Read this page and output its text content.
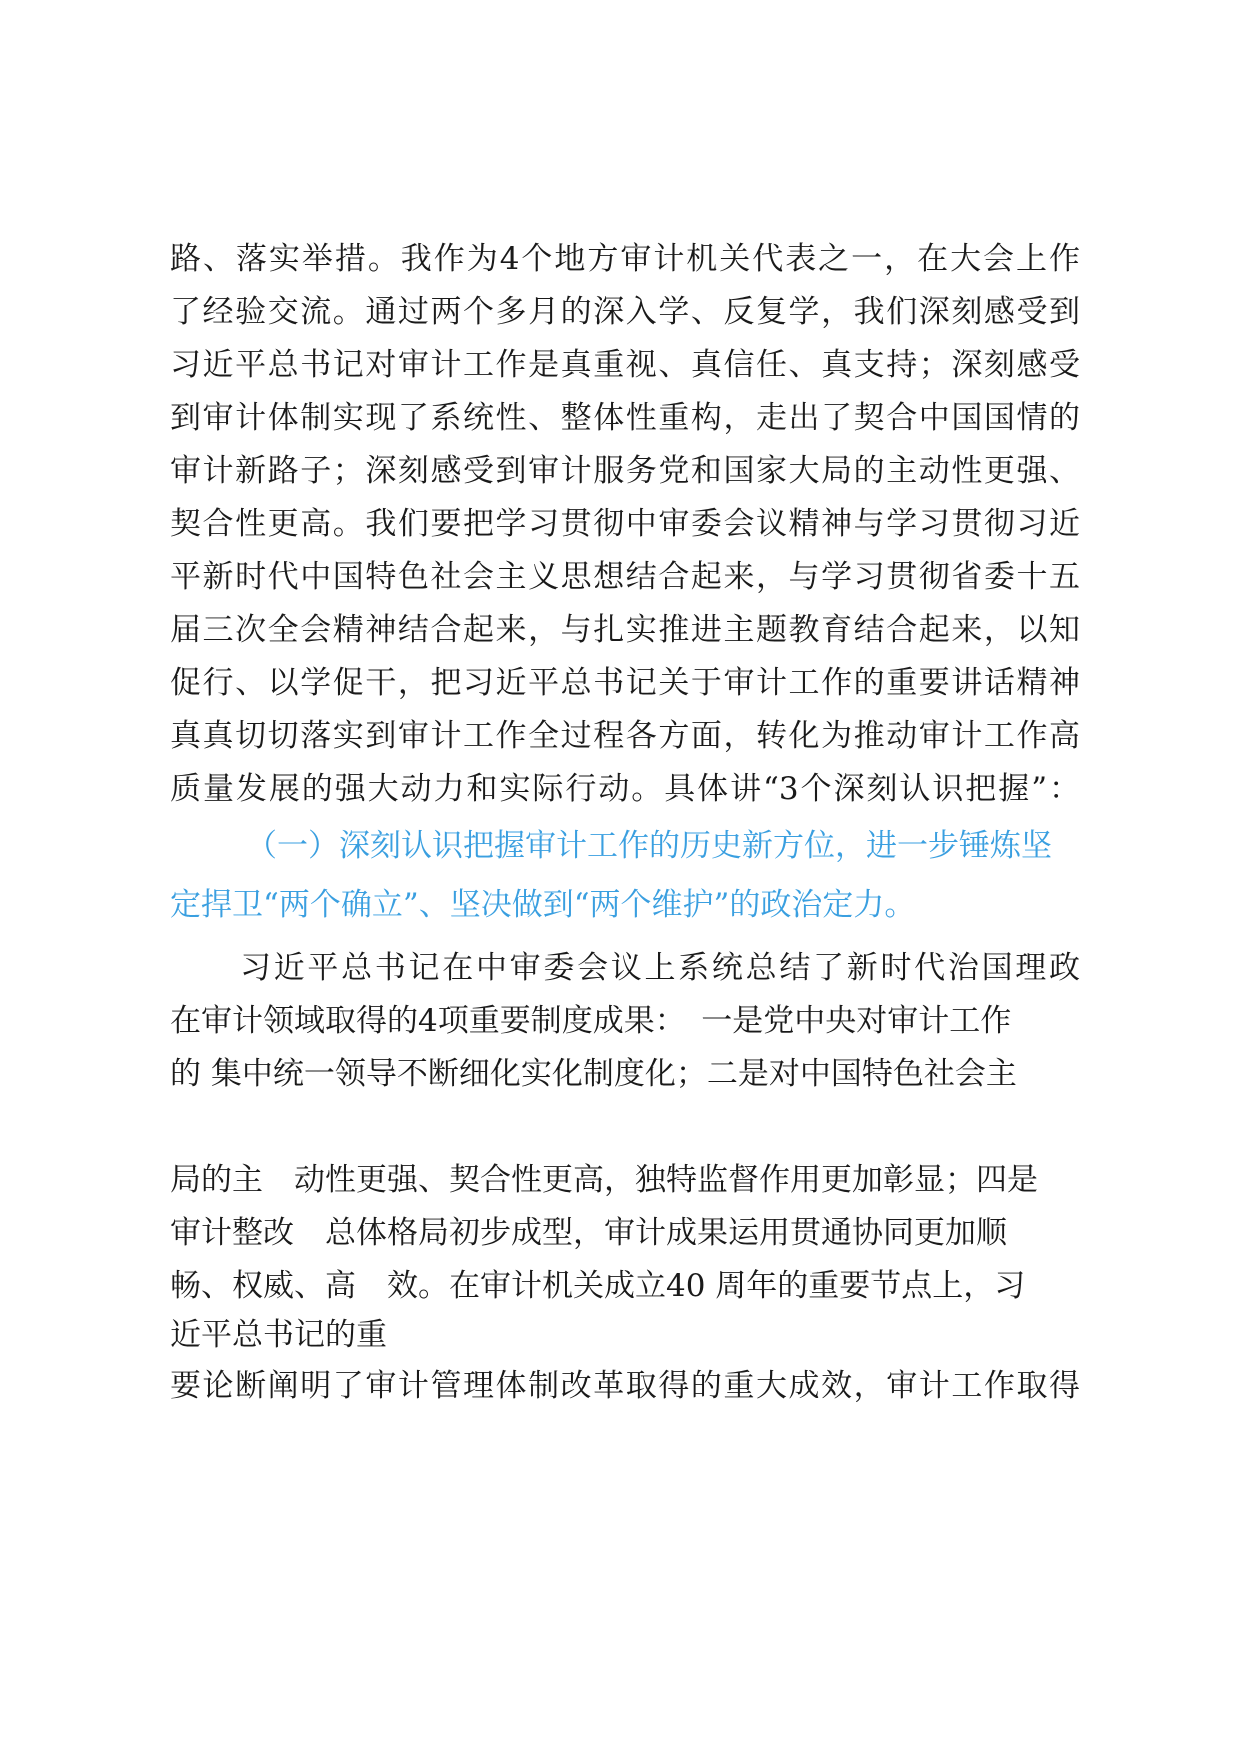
路、落实举措。我作为4个地方审计机关代表之一，在大会上作
了经验交流。通过两个多月的深入学、反复学，我们深刻感受到
习近平总书记对审计工作是真重视、真信任、真支持；深刻感受
到审计体制实现了系统性、整体性重构，走出了契合中国国情的
审计新路子；深刻感受到审计服务党和国家大局的主动性更强、
契合性更高。我们要把学习贯彻中审委会议精神与学习贯彻习近
平新时代中国特色社会主义思想结合起来，与学习贯彻省委十五
届三次全会精神结合起来，与扎实推进主题教育结合起来，以知
促行、以学促干，把习近平总书记关于审计工作的重要讲话精神
真真切切落实到审计工作全过程各方面，转化为推动审计工作高
质量发展的强大动力和实际行动。具体讲“3个深刻认识把握”：
（一）深刻认识把握审计工作的历史新方位，进一步锤炼坚
定捍卫“两个确立”、坚决做到“两个维护”的政治定力。
习近平总书记在中审委会议上系统总结了新时代治国理政
在审计领域取得的4项重要制度成果：　一是党中央对审计工作
的 集中统一领导不断细化实化制度化；二是对中国特色社会主

局的主　动性更强、契合性更高，独特监督作用更加彰显；四是
审计整改　总体格局初步成型，审计成果运用贯通协同更加顺
畅、权威、高　效。在审计机关成立40 周年的重要节点上，习
近平总书记的重
要论断阐明了审计管理体制改革取得的重大成效，审计工作取得
